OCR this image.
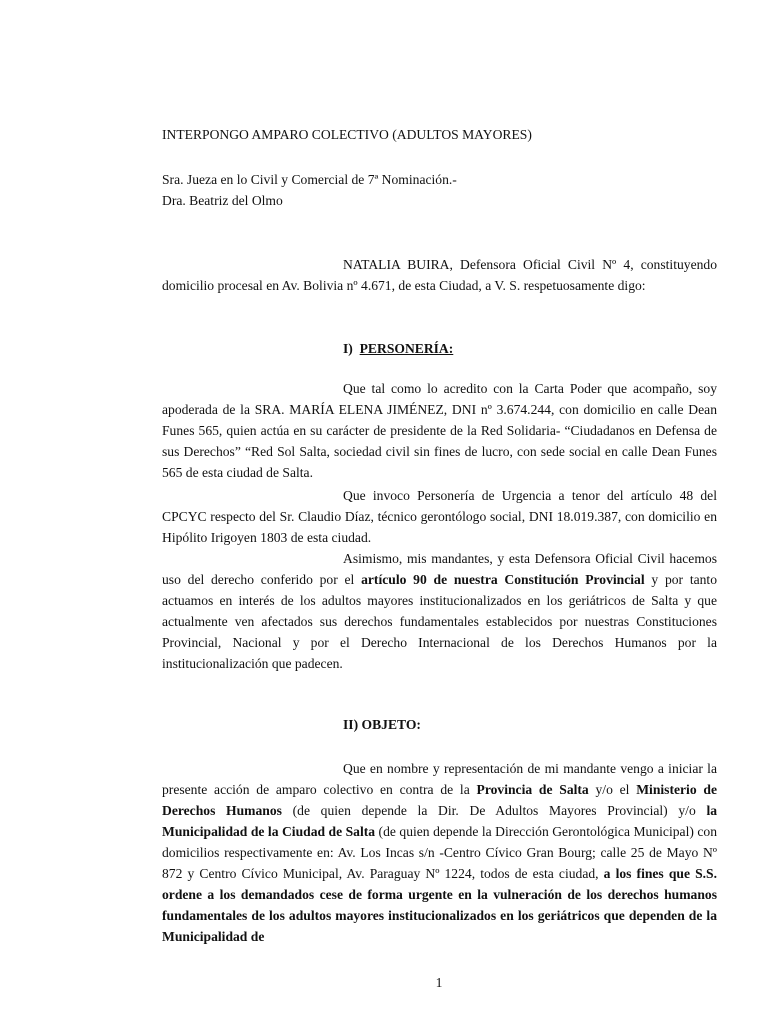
INTERPONGO AMPARO COLECTIVO (ADULTOS MAYORES)
Sra. Jueza en lo Civil y Comercial de 7ª Nominación.-
Dra. Beatriz del Olmo

NATALIA BUIRA, Defensora Oficial Civil Nº 4, constituyendo domicilio procesal en Av. Bolivia nº 4.671, de esta Ciudad, a V. S. respetuosamente digo:

I) PERSONERÍA:

Que tal como lo acredito con la Carta Poder que acompaño, soy apoderada de la SRA. MARÍA ELENA JIMÉNEZ, DNI nº 3.674.244, con domicilio en calle Dean Funes 565, quien actúa en su carácter de presidente de la Red Solidaria- “Ciudadanos en Defensa de sus Derechos” “Red Sol Salta, sociedad civil sin fines de lucro, con sede social en calle Dean Funes 565 de esta ciudad de Salta.

Que invoco Personería de Urgencia a tenor del artículo 48 del CPCYC respecto del Sr. Claudio Díaz, técnico gerontólogo social, DNI 18.019.387, con domicilio en Hipólito Irigoyen 1803 de esta ciudad.

Asimismo, mis mandantes, y esta Defensora Oficial Civil hacemos uso del derecho conferido por el artículo 90 de nuestra Constitución Provincial y por tanto actuamos en interés de los adultos mayores institucionalizados en los geriátricos de Salta y que actualmente ven afectados sus derechos fundamentales establecidos por nuestras Constituciones Provincial, Nacional y por el Derecho Internacional de los Derechos Humanos por la institucionalización que padecen.

II) OBJETO:

Que en nombre y representación de mi mandante vengo a iniciar la presente acción de amparo colectivo en contra de la Provincia de Salta y/o el Ministerio de Derechos Humanos (de quien depende la Dir. De Adultos Mayores Provincial) y/o la Municipalidad de la Ciudad de Salta (de quien depende la Dirección Gerontológica Municipal) con domicilios respectivamente en: Av. Los Incas s/n -Centro Cívico Gran Bourg; calle 25 de Mayo Nº 872 y Centro Cívico Municipal, Av. Paraguay Nº 1224, todos de esta ciudad, a los fines que S.S. ordene a los demandados cese de forma urgente en la vulneración de los derechos humanos fundamentales de los adultos mayores institucionalizados en los geriátricos que dependen de la Municipalidad de

1
